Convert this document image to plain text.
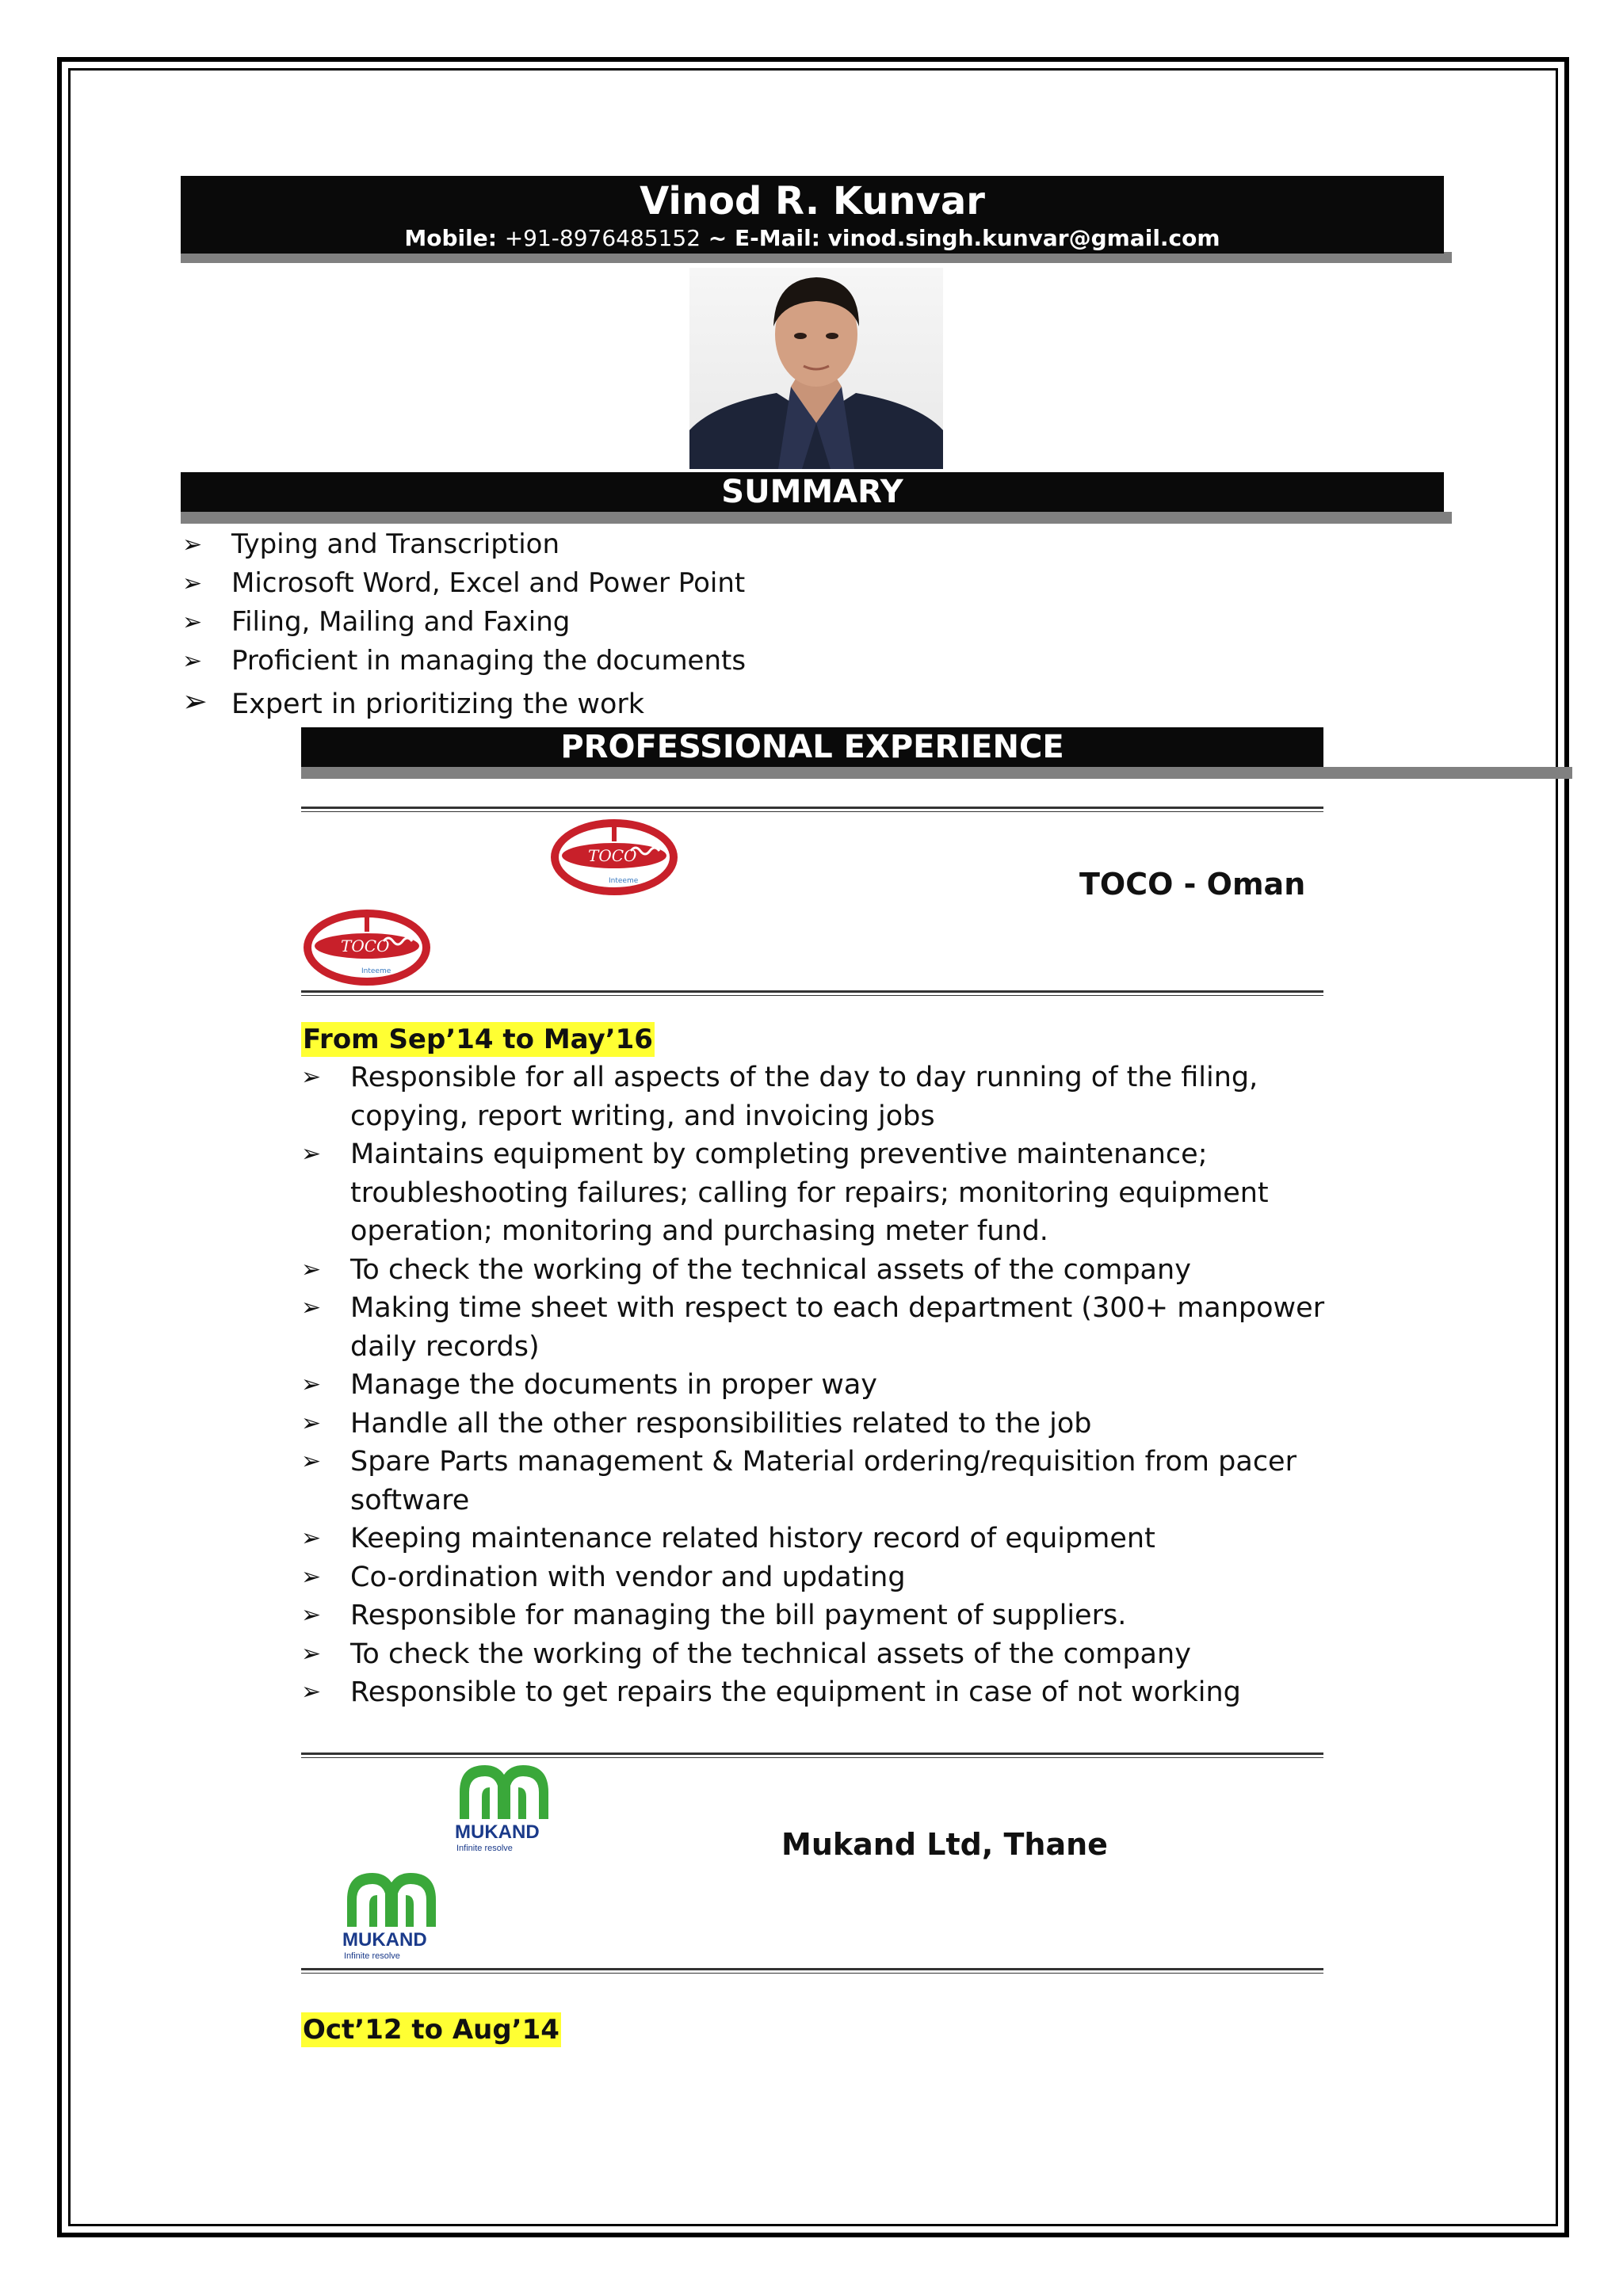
Vinod R. Kunvar
Mobile: +91-8976485152 ~ E-Mail: vinod.singh.kunvar@gmail.com
SUMMARY
➢ Typing and Transcription
➢ Microsoft Word, Excel and Power Point
➢ Filing, Mailing and Faxing
➢ Proficient in managing the documents
➢ Expert in prioritizing the work
PROFESSIONAL EXPERIENCE
TOCO
Inteeme
TOCO
Inteeme
TOCO - Oman
From Sep’14 to May’16
➢ Responsible for all aspects of the day to day running of the filing, copying, report writing, and invoicing jobs
➢ Maintains equipment by completing preventive maintenance; troubleshooting failures; calling for repairs; monitoring equipment operation; monitoring and purchasing meter fund.
➢ To check the working of the technical assets of the company
➢ Making time sheet with respect to each department (300+ manpower daily records)
➢ Manage the documents in proper way
➢ Handle all the other responsibilities related to the job
➢ Spare Parts management & Material ordering/requisition from pacer software
➢ Keeping maintenance related history record of equipment
➢ Co-ordination with vendor and updating
➢ Responsible for managing the bill payment of suppliers.
➢ To check the working of the technical assets of the company
➢ Responsible to get repairs the equipment in case of not working
MUKAND
Infinite resolve
MUKAND
Infinite resolve
Mukand Ltd, Thane
Oct’12 to Aug’14
